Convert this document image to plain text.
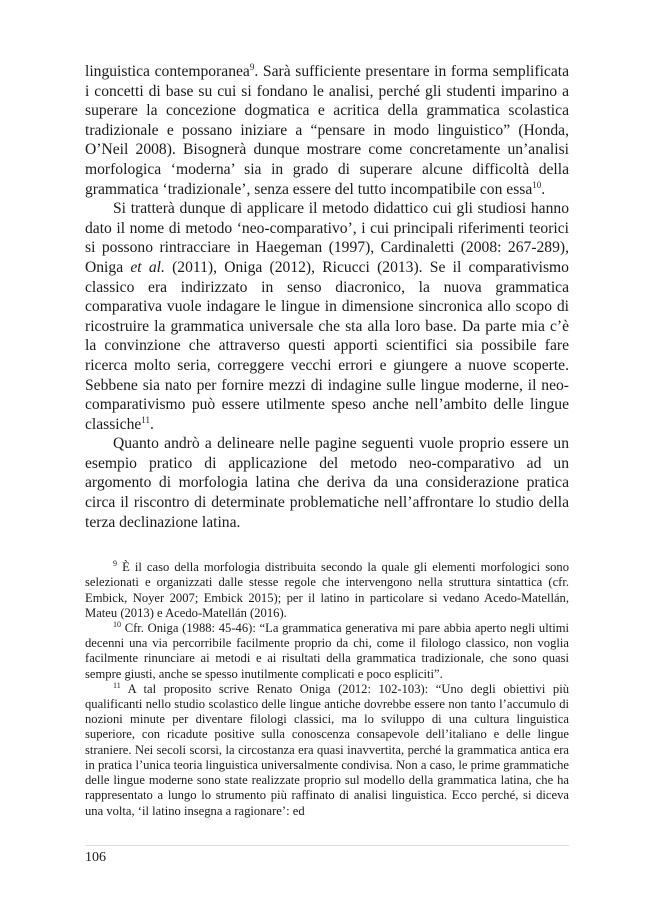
linguistica contemporanea$^9$. Sarà sufficiente presentare in forma semplificata i concetti di base su cui si fondano le analisi, perché gli studenti imparino a superare la concezione dogmatica e acritica della grammatica scolastica tradizionale e possano iniziare a “pensare in modo linguistico” (Honda, O’Neil 2008). Bisognerà dunque mostrare come concretamente un’analisi morfologica ‘moderna’ sia in grado di superare alcune difficoltà della grammatica ‘tradizionale’, senza essere del tutto incompatibile con essa$^{10}$.

Si tratterà dunque di applicare il metodo didattico cui gli studiosi hanno dato il nome di metodo ‘neo-comparativo’, i cui principali riferimenti teorici si possono rintracciare in Haegeman (1997), Cardinaletti (2008: 267-289), Oniga et al. (2011), Oniga (2012), Ricucci (2013). Se il comparativismo classico era indirizzato in senso diacronico, la nuova grammatica comparativa vuole indagare le lingue in dimensione sincronica allo scopo di ricostruire la grammatica universale che sta alla loro base. Da parte mia c’è la convinzione che attraverso questi apporti scientifici sia possibile fare ricerca molto seria, correggere vecchi errori e giungere a nuove scoperte. Sebbene sia nato per fornire mezzi di indagine sulle lingue moderne, il neo-comparativismo può essere utilmente speso anche nell’ambito delle lingue classiche$^{11}$.

Quanto andrò a delineare nelle pagine seguenti vuole proprio essere un esempio pratico di applicazione del metodo neo-comparativo ad un argomento di morfologia latina che deriva da una considerazione pratica circa il riscontro di determinate problematiche nell’affrontare lo studio della terza declinazione latina.

$^9$ È il caso della morfologia distribuita secondo la quale gli elementi morfologici sono selezionati e organizzati dalle stesse regole che intervengono nella struttura sintattica (cfr. Embick, Noyer 2007; Embick 2015); per il latino in particolare si vedano Acedo-Matellán, Mateu (2013) e Acedo-Matellán (2016).

$^{10}$ Cfr. Oniga (1988: 45-46): “La grammatica generativa mi pare abbia aperto negli ultimi decenni una via percorribile facilmente proprio da chi, come il filologo classico, non voglia facilmente rinunciare ai metodi e ai risultati della grammatica tradizionale, che sono quasi sempre giusti, anche se spesso inutilmente complicati e poco espliciti”.

$^{11}$ A tal proposito scrive Renato Oniga (2012: 102-103): “Uno degli obiettivi più qualificanti nello studio scolastico delle lingue antiche dovrebbe essere non tanto l’accumulo di nozioni minute per diventare filologi classici, ma lo sviluppo di una cultura linguistica superiore, con ricadute positive sulla conoscenza consapevole dell’italiano e delle lingue straniere. Nei secoli scorsi, la circostanza era quasi inavvertita, perché la grammatica antica era in pratica l’unica teoria linguistica universalmente condivisa. Non a caso, le prime grammatiche delle lingue moderne sono state realizzate proprio sul modello della grammatica latina, che ha rappresentato a lungo lo strumento più raffinato di analisi linguistica. Ecco perché, si diceva una volta, ‘il latino insegna a ragionare’: ed

106
